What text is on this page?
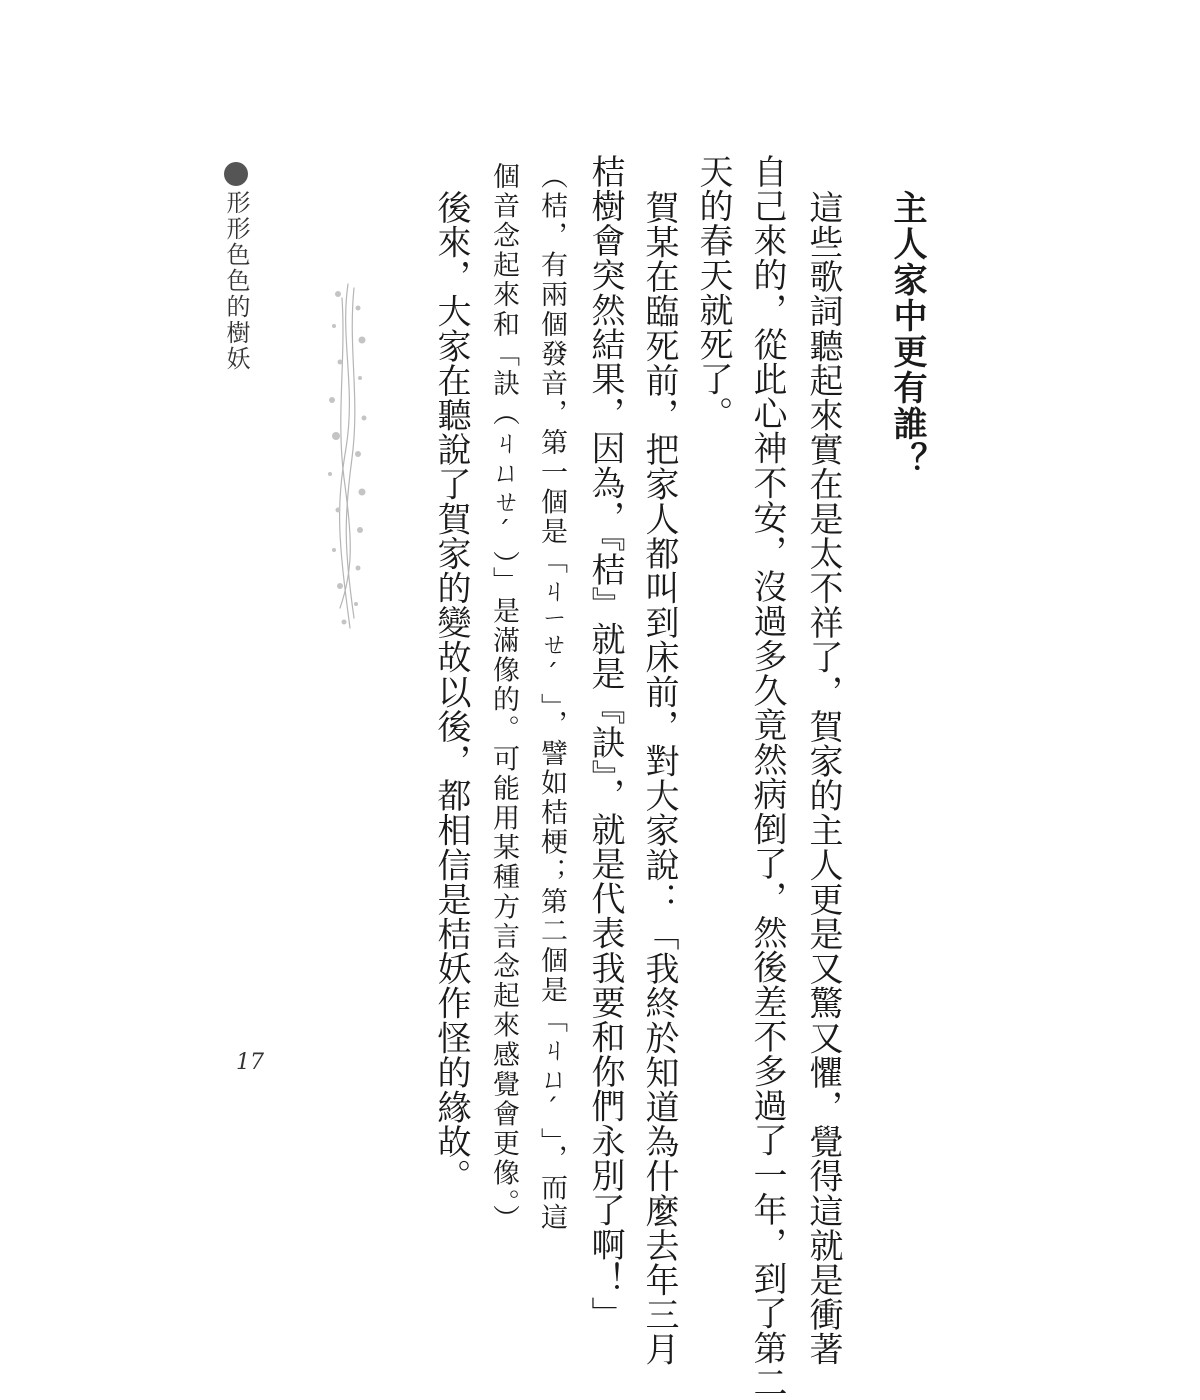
主人家中更有誰？
這些歌詞聽起來實在是太不祥了，賀家的主人更是又驚又懼，覺得這就是衝著
自己來的，從此心神不安，沒過多久竟然病倒了，然後差不多過了一年，到了第二
天的春天就死了。
賀某在臨死前，把家人都叫到床前，對大家說：「我終於知道為什麼去年三月
桔樹會突然結果，因為，『桔』就是『訣』，就是代表我要和你們永別了啊！」
（桔，有兩個發音，第一個是「ㄐㄧㄝˊ」，譬如桔梗；第二個是「ㄐㄩˊ」，而這
個音念起來和「訣（ㄐㄩㄝˊ）」是滿像的。可能用某種方言念起來感覺會更像。）
後來，大家在聽說了賀家的變故以後，都相信是桔妖作怪的緣故。
形形色色的樹妖
17
